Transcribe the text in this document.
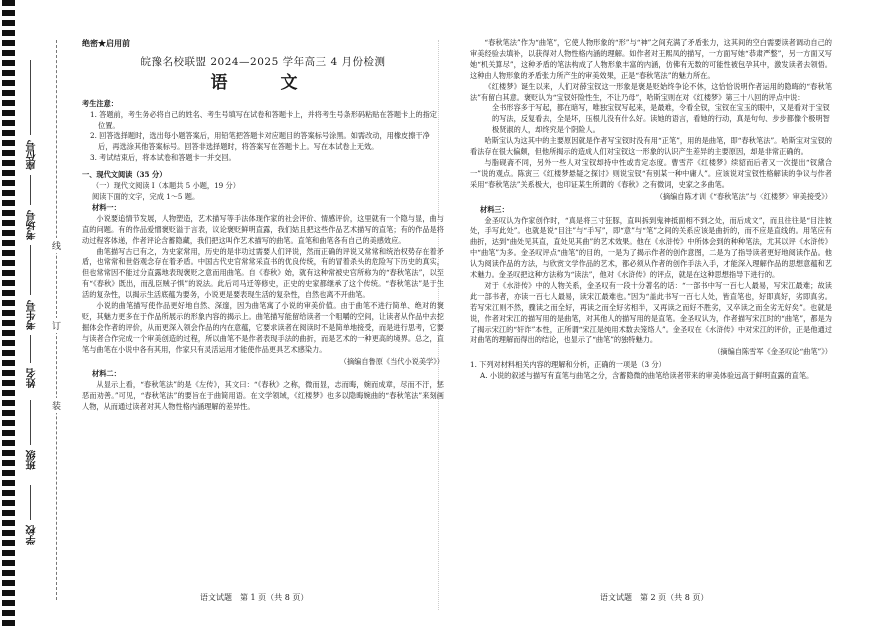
座位号
考场号
考生号
姓名
班级
学校
线
订
装

绝密★启用前

皖豫名校联盟 2024—2025 学年高三 4 月份检测

语　文

考生注意：

1. 答题前，考生务必将自己的姓名、考生号填写在试卷和答题卡上，并将考生号条形码粘贴在答题卡上的指定位置。

2. 回答选择题时，选出每小题答案后，用铅笔把答题卡对应题目的答案标号涂黑。如需改动，用橡皮擦干净后，再选涂其他答案标号。回答非选择题时，将答案写在答题卡上。写在本试卷上无效。

3. 考试结束后，将本试卷和答题卡一并交回。

一、现代文阅读（35 分）

（一）现代文阅读 Ⅰ（本题共 5 小题，19 分）

阅读下面的文字，完成 1～5 题。

材料一：

小说要追情节发展，人物塑造，艺术描写等手法体现作家的社会评价、情感评价，这里就有一个隐与显，曲与直的问题。有的作品爱憎褒贬溢于言表，议论褒贬鲜明直露，我们姑且把这些作品艺术描写的直笔；有的作品是将动过程客体递，作者评论含蓄隐藏，我们把这叫作艺术描写的曲笔。直笔和曲笔各有自己的美感效应。

曲笔描写古已有之，为史家常用，历史的是非功过需要人们评说，然而正确的评说又常常和统治权势存在着矛盾，也常常和世俗观念存在着矛盾。中国古代史官常常采直书的优良传统，有的冒着杀头的危险写下历史的真实，但也常常因不能过分直露地表现褒贬之意而用曲笔。自《春秋》始，就有这种常被史官所称为的“春秋笔法”，以至有“《春秋》既出，而乱臣贼子惧”的说法。此后司马迁等修史，正史的史家都继承了这个传统。“春秋笔法”是于生活的复杂性，以揭示生活底蕴为要务，小说更是要表现生活的复杂性，自然也离不开曲笔。

小说的曲笔描写使作品更好地自然、深邃，因为曲笔寓了小说的审美价值。由于曲笔不进行简单、绝对的褒贬，其魅力更多在于作品所展示的形象内容的揭示上。曲笔描写能留给读者一个咀嚼的空间，让读者从作品中去挖掘体会作者的评价，从而更深入领会作品的内在意蕴，它要求读者在阅读时不是简单地接受，而是进行思考，它要与读者合作完成一个审美创造的过程，所以曲笔不是作者表现手法的曲折，而是艺术的一种更高的境界。总之，直笔与曲笔在小说中各有其用，作家只有灵活运用才能使作品更具艺术感染力。

（摘编自鲁原《当代小说美学》）

材料二：

从显示上看，“春秋笔法”的是《左传》，其文曰：“《春秋》之称，微而显，志而晦，婉而成章，尽而不汙，惩恶而劝善。”可见，“春秋笔法”的要旨在于曲简用语。在文学领域，《红楼梦》也多以隐晦婉曲的“春秋笔法”来刻画人物，从而通过读者对其人物性格内涵理解的差异性。

“春秋笔法”作为“曲笔”，它使人物形象的“形”与“神”之间充满了矛盾张力，这其间的空白需要读者调动自己的审美经验去填补，以获得对人物性格内涵的理解。如作者对王熙凤的描写，一方面写她“恭肃严整”，另一方面又写她“机关算尽”，这种矛盾的笔法构成了人物形象丰富的内涵，仿佛有无数的可能性被包孕其中，激发读者去领悟。这种由人物形象的矛盾张力所产生的审美效果，正是“春秋笔法”的魅力所在。

《红楼梦》诞生以来，人们对薛宝钗这一形象是褒是贬始终争论不休，这恰恰说明作者运用的隐晦的“春秋笔法”有留白其意。褒贬认为“宝钗奸险性生，不让乃母”，哈斯宝则在对《红楼梦》第三十八回的评点中说：

全书形容多于写起，都在暗写，唯独宝钗写起来，是最难，令看全钗，宝钗在宝玉的眼中，又是看对于宝钗的写法，反复看去，全是坏，压根儿没有什么好。读她的语言，看她的行动，真是句句、步步都像个极明智极贤淑的人，却终究是个阴险人。

哈斯宝认为这其中的主要原因就是作者写宝钗时没有用“正笔”，用的是曲笔，即“春秋笔法”。哈斯宝对宝钗的看法存在很大偏颇，但他所揭示的造成人们对宝钗这一形象的认识产生差异的主要原因，却是非常正确的。

与脂砚斋不同，另外一些人对宝钗却持中性或肯定态度。曹雪芹《红楼梦》续貂而后者又一次提出“钗黛合一”说的观点。陈寅三《红楼梦悬疑之探讨》则说宝钗“有别某一种中庸人”。应该说对宝钗性格解读的争议与作者采用“春秋笔法”关系极大，也印证某生所谓的《春秋》之有微词，史家之多曲笔。

（摘编自陈才训《“春秋笔法”与〈红楼梦〉审美接受》）

材料三：

金圣叹认为作家创作时，“真是将三寸狂豚，直叫拆到鬼神抵面相不到之处，而后成文”，而且往往是“目注彼处，手写此处”。也就是说“目注”与“手写”，即“意”与“笔”之间的关系应该是曲折的，而不应是直线的。用笔应有曲折，达到“曲处见其直，直处见其曲”的艺术效果。他在《水浒传》中所体会到的种种笔法，尤其以评《水浒传》中“曲笔”为多。金圣叹评点“曲笔”的目的，一是为了揭示作者的创作意图，二是为了指导读者更好地阅读作品。他认为阅读作品的方法，与欣赏文学作品的艺术，都必须从作者的创作手法入手，才能深入理解作品的思想意蕴和艺术魅力。金圣叹把这种方法称为“读法”，他对《水浒传》的评点，就是在这种思想指导下进行的。

对于《水浒传》中的人物关系，金圣叹有一段十分著名的话：“一部书中写一百七人最易，写宋江最难；故读此一部书者，亦读一百七人最易，读宋江最难也。”因为“盖此书写一百七人处，皆直笔也，好即真好，劣即真劣。若写宋江则不然，骤读之而全好，再读之而全好劣相半，又再读之而好不胜劣，又卒读之而全劣无好矣”。也就是说，作者对宋江的描写用的是曲笔，对其他人的描写用的是直笔。金圣叹认为，作者描写宋江时的“曲笔”，都是为了揭示宋江的“奸诈”本性，正所谓“宋江是纯用术数去笼络人”。金圣叹在《水浒传》中对宋江的评价，正是他通过对曲笔的理解而得出的结论，也显示了“曲笔”的独特魅力。

（摘编自陈雪军《金圣叹论“曲笔”》）

1. 下列对材料相关内容的理解和分析，正确的一项是（3 分）

A. 小说的叙述与描写有直笔与曲笔之分，含蓄隐微的曲笔给读者带来的审美体验远高于鲜明直露的直笔。

语文试题　第 1 页（共 8 页）	语文试题　第 2 页（共 8 页）
